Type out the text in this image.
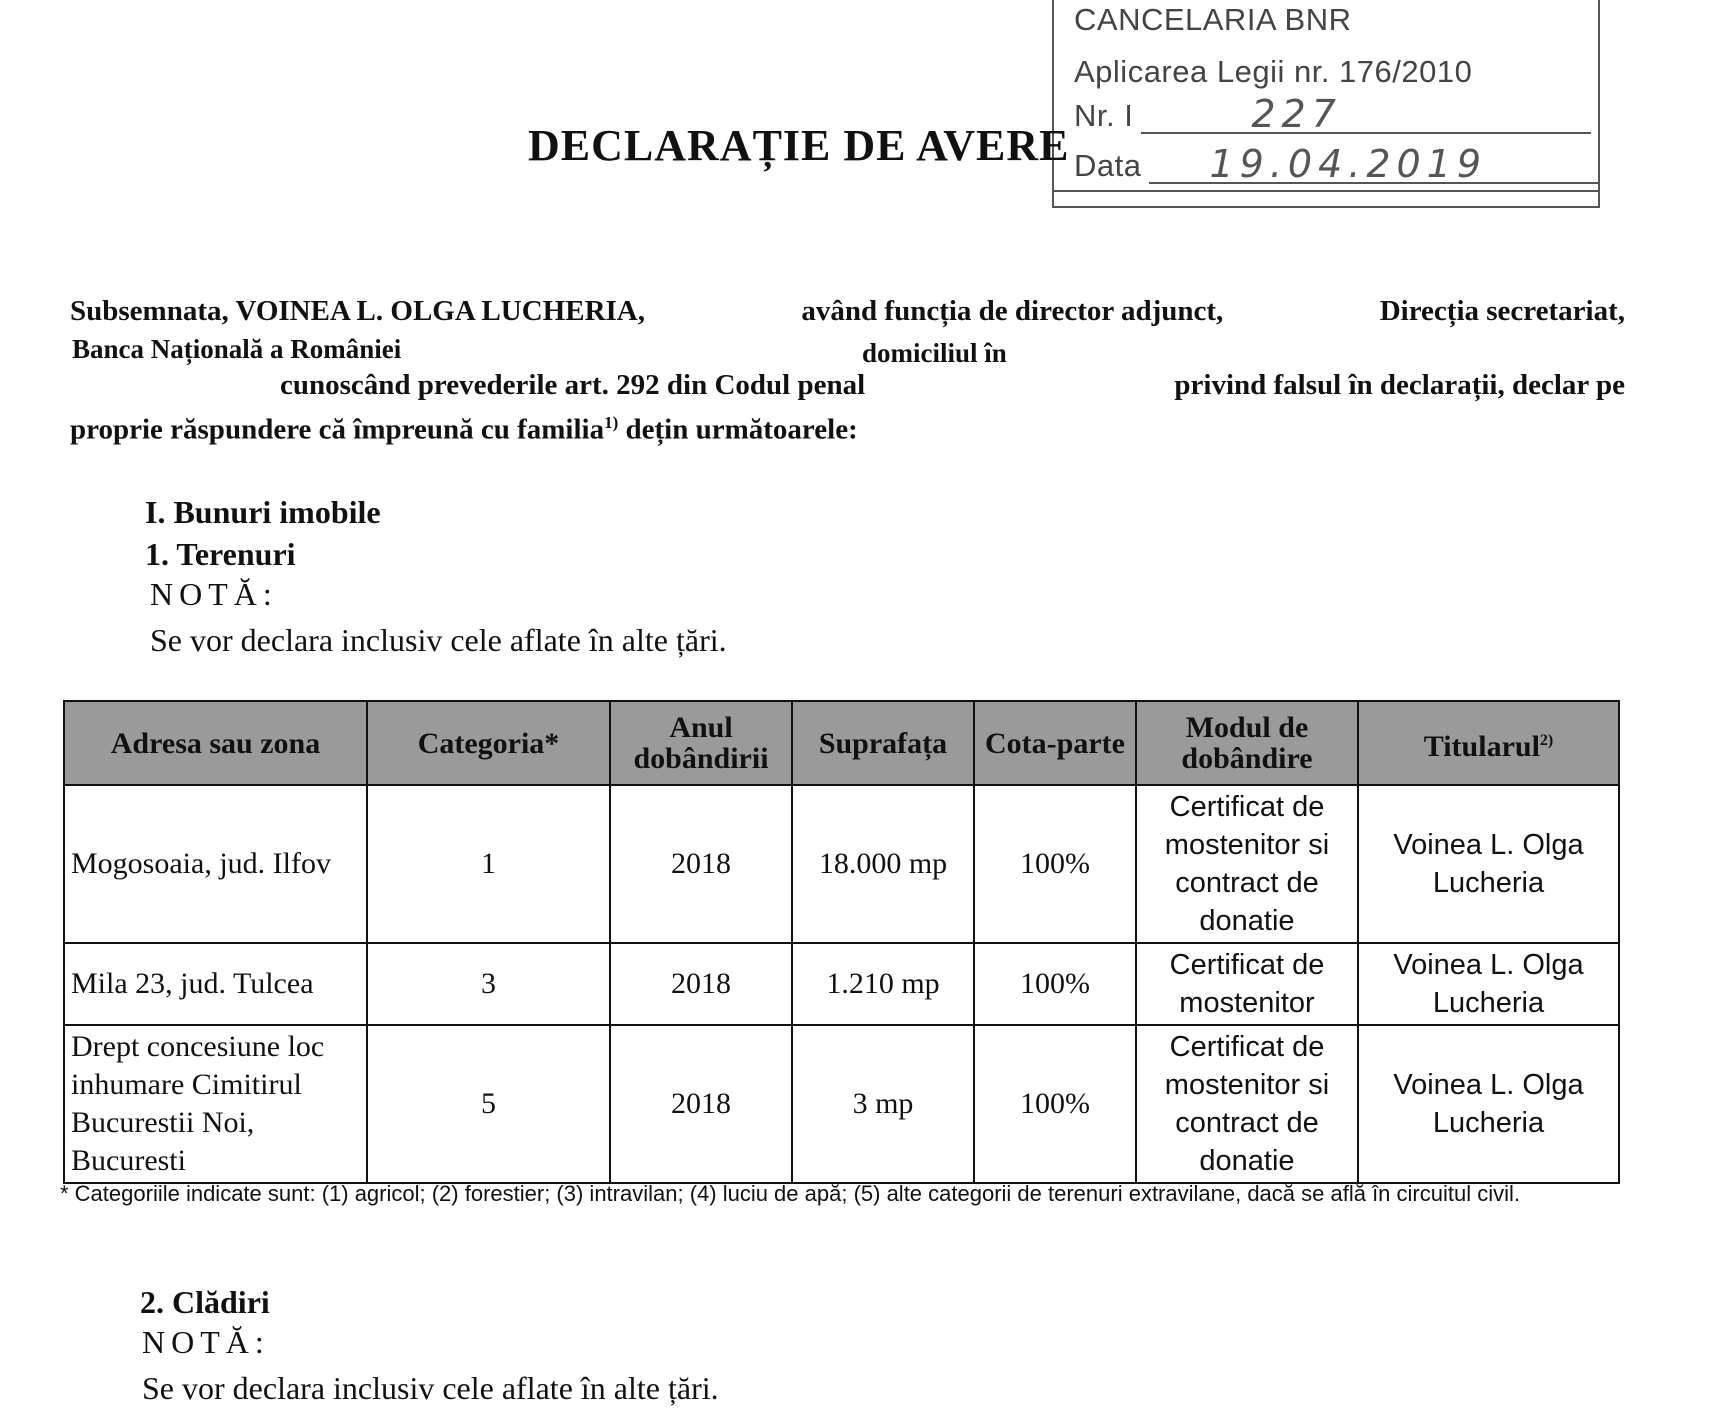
CANCELARIA BNR
Aplicarea Legii nr. 176/2010
Nr. I	227
Data 19.04.2019
DECLARAȚIE DE AVERE
Subsemnata, VOINEA L. OLGA LUCHERIA,	având funcția de director adjunct,	Direcția secretariat,
Banca Națională a României	domiciliul în
cunoscând prevederile art. 292 din Codul penal	privind falsul în declarații, declar pe
proprie răspundere că împreună cu familia$^{1)}$ dețin următoarele:
I. Bunuri imobile
1. Terenuri
NOTĂ:
Se vor declara inclusiv cele aflate în alte țări.
Adresa sau zona	Categoria*	Anul dobândirii	Suprafața	Cota-parte	Modul de dobândire	Titularul$^{2)}$
Mogosoaia, jud. Ilfov	1	2018	18.000 mp	100%	Certificat de mostenitor si contract de donatie	Voinea L. Olga Lucheria
Mila 23, jud. Tulcea	3	2018	1.210 mp	100%	Certificat de mostenitor	Voinea L. Olga Lucheria
Drept concesiune loc inhumare Cimitirul Bucurestii Noi, Bucuresti	5	2018	3 mp	100%	Certificat de mostenitor si contract de donatie	Voinea L. Olga Lucheria
* Categoriile indicate sunt: (1) agricol; (2) forestier; (3) intravilan; (4) luciu de apă; (5) alte categorii de terenuri extravilane, dacă se află în circuitul civil.
2. Clădiri
NOTĂ:
Se vor declara inclusiv cele aflate în alte țări.
